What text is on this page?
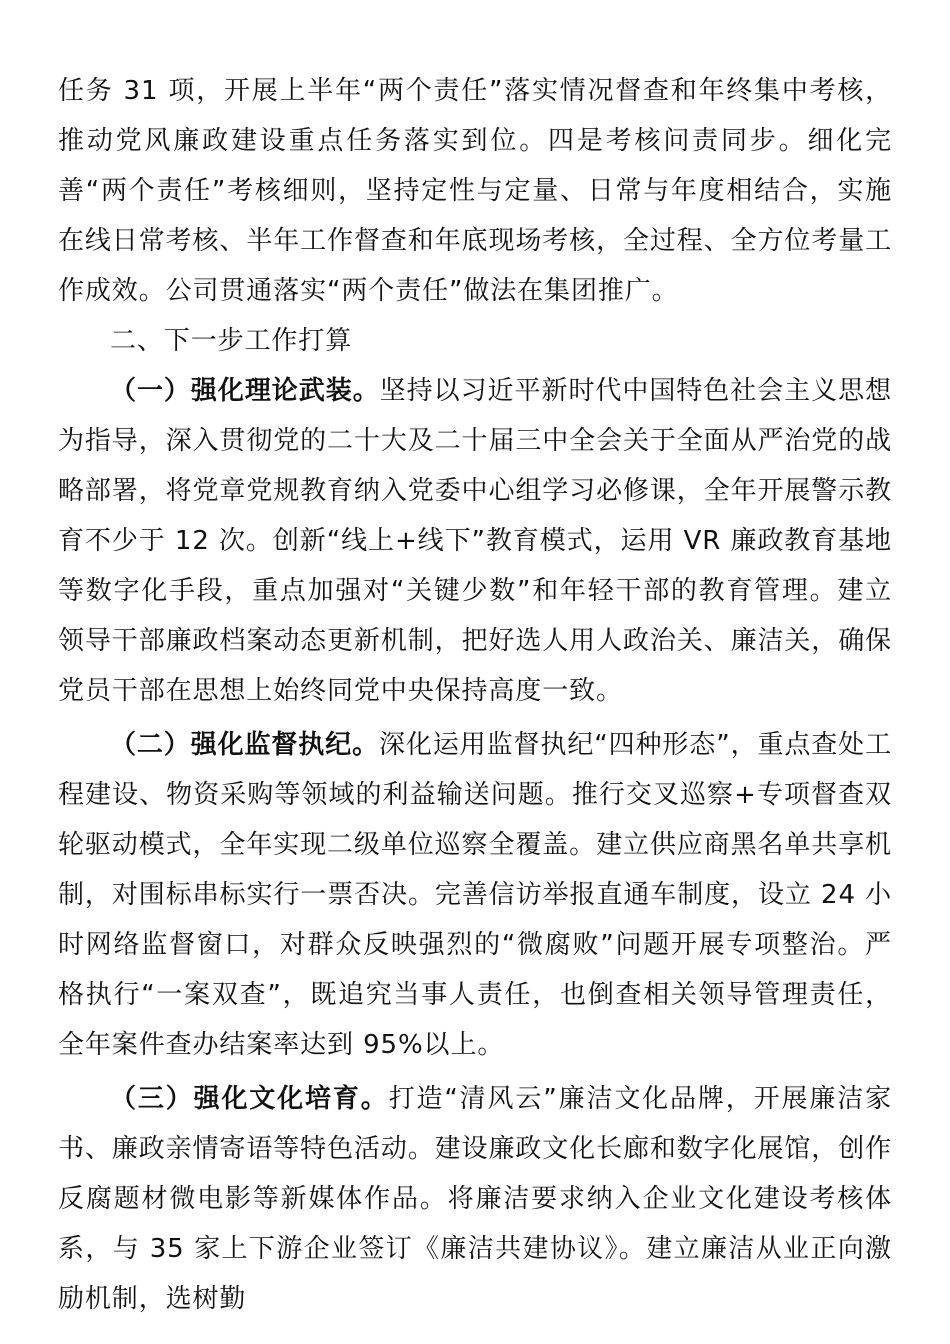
任务 31 项，开展上半年“两个责任”落实情况督查和年终集中考核，推动党风廉政建设重点任务落实到位。四是考核问责同步。细化完善“两个责任”考核细则，坚持定性与定量、日常与年度相结合，实施在线日常考核、半年工作督查和年底现场考核，全过程、全方位考量工作成效。公司贯通落实“两个责任”做法在集团推广。

二、下一步工作打算

（一）强化理论武装。坚持以习近平新时代中国特色社会主义思想为指导，深入贯彻党的二十大及二十届三中全会关于全面从严治党的战略部署，将党章党规教育纳入党委中心组学习必修课，全年开展警示教育不少于 12 次。创新“线上+线下”教育模式，运用 VR 廉政教育基地等数字化手段，重点加强对“关键少数”和年轻干部的教育管理。建立领导干部廉政档案动态更新机制，把好选人用人政治关、廉洁关，确保党员干部在思想上始终同党中央保持高度一致。

（二）强化监督执纪。深化运用监督执纪“四种形态”，重点查处工程建设、物资采购等领域的利益输送问题。推行交叉巡察+专项督查双轮驱动模式，全年实现二级单位巡察全覆盖。建立供应商黑名单共享机制，对围标串标实行一票否决。完善信访举报直通车制度，设立 24 小时网络监督窗口，对群众反映强烈的“微腐败”问题开展专项整治。严格执行“一案双查”，既追究当事人责任，也倒查相关领导管理责任，全年案件查办结案率达到 95%以上。

（三）强化文化培育。打造“清风云”廉洁文化品牌，开展廉洁家书、廉政亲情寄语等特色活动。建设廉政文化长廊和数字化展馆，创作反腐题材微电影等新媒体作品。将廉洁要求纳入企业文化建设考核体系，与 35 家上下游企业签订《廉洁共建协议》。建立廉洁从业正向激励机制，选树勤
